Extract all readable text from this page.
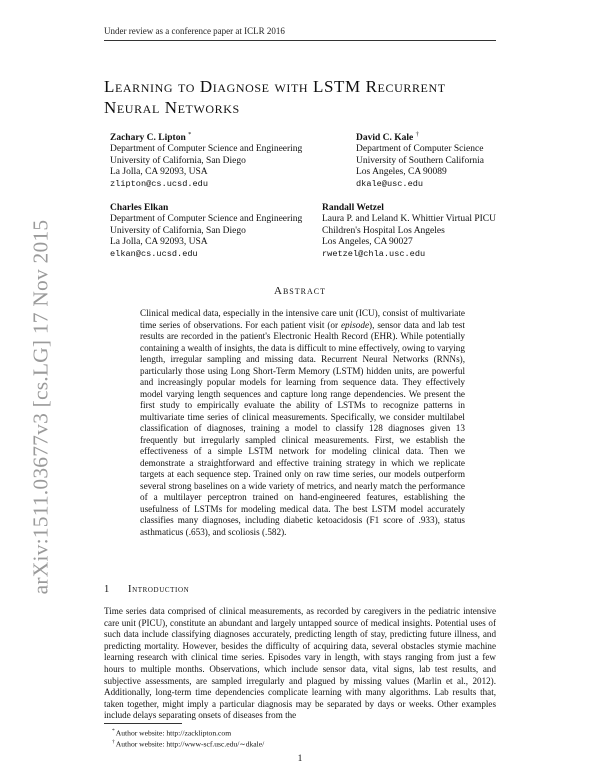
Under review as a conference paper at ICLR 2016
arXiv:1511.03677v3 [cs.LG] 17 Nov 2015
Learning to Diagnose with LSTM Recurrent
Neural Networks
Zachary C. Lipton *
Department of Computer Science and Engineering
University of California, San Diego
La Jolla, CA 92093, USA
zlipton@cs.ucsd.edu
David C. Kale †
Department of Computer Science
University of Southern California
Los Angeles, CA 90089
dkale@usc.edu
Charles Elkan
Department of Computer Science and Engineering
University of California, San Diego
La Jolla, CA 92093, USA
elkan@cs.ucsd.edu
Randall Wetzel
Laura P. and Leland K. Whittier Virtual PICU
Children's Hospital Los Angeles
Los Angeles, CA 90027
rwetzel@chla.usc.edu
Abstract
Clinical medical data, especially in the intensive care unit (ICU), consist of multivariate time series of observations. For each patient visit (or episode), sensor data and lab test results are recorded in the patient's Electronic Health Record (EHR). While potentially containing a wealth of insights, the data is difficult to mine effectively, owing to varying length, irregular sampling and missing data. Recurrent Neural Networks (RNNs), particularly those using Long Short-Term Memory (LSTM) hidden units, are powerful and increasingly popular models for learning from sequence data. They effectively model varying length sequences and capture long range dependencies. We present the first study to empirically evaluate the ability of LSTMs to recognize patterns in multivariate time series of clinical measurements. Specifically, we consider multilabel classification of diagnoses, training a model to classify 128 diagnoses given 13 frequently but irregularly sampled clinical measurements. First, we establish the effectiveness of a simple LSTM network for modeling clinical data. Then we demonstrate a straightforward and effective training strategy in which we replicate targets at each sequence step. Trained only on raw time series, our models outperform several strong baselines on a wide variety of metrics, and nearly match the performance of a multilayer perceptron trained on hand-engineered features, establishing the usefulness of LSTMs for modeling medical data. The best LSTM model accurately classifies many diagnoses, including diabetic ketoacidosis (F1 score of .933), status asthmaticus (.653), and scoliosis (.582).
1 Introduction
Time series data comprised of clinical measurements, as recorded by caregivers in the pediatric intensive care unit (PICU), constitute an abundant and largely untapped source of medical insights. Potential uses of such data include classifying diagnoses accurately, predicting length of stay, predicting future illness, and predicting mortality. However, besides the difficulty of acquiring data, several obstacles stymie machine learning research with clinical time series. Episodes vary in length, with stays ranging from just a few hours to multiple months. Observations, which include sensor data, vital signs, lab test results, and subjective assessments, are sampled irregularly and plagued by missing values (Marlin et al., 2012). Additionally, long-term time dependencies complicate learning with many algorithms. Lab results that, taken together, might imply a particular diagnosis may be separated by days or weeks. Other examples include delays separating onsets of diseases from the
*Author website: http://zacklipton.com
†Author website: http://www-scf.usc.edu/∼dkale/
1
